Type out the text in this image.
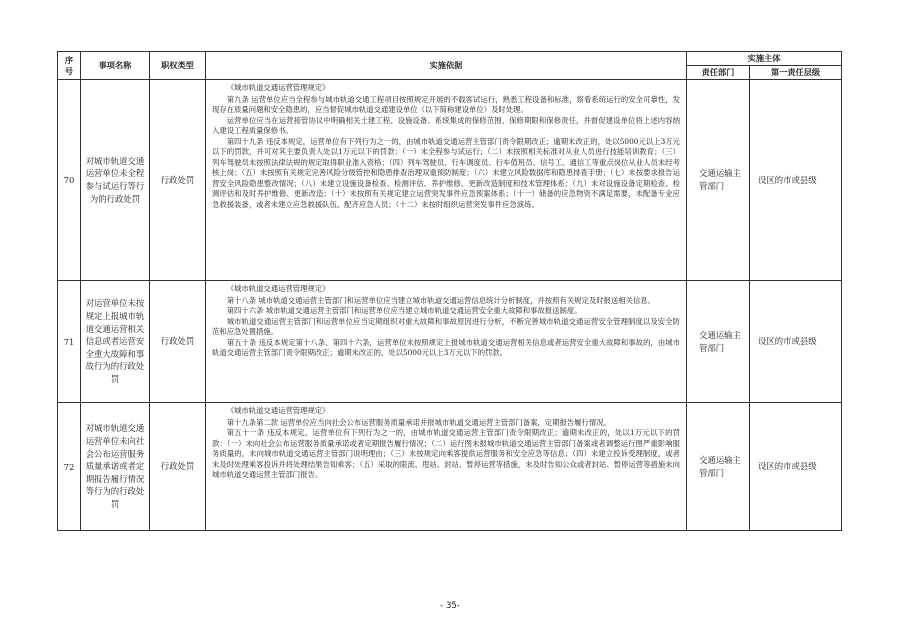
序号	事项名称	职权类型	实施依据	实施主体	
				责任部门	第一责任层级
70	对城市轨道交通运营单位未全程参与试运行等行为的行政处罚	行政处罚	《城市轨道交通运营管理规定》

第九条 运营单位应当全程参与城市轨道交通工程项目按照规定开展的不载客试运行，熟悉工程设备和标准，察看系统运行的安全可靠性，发现存在质量问题和安全隐患的，应当督促城市轨道交通建设单位（以下简称建设单位）及时处理。

运营单位应当在运营接管协议中明确相关土建工程、设施设备、系统集成的保修范围、保修期限和保修责任，并督促建设单位将上述内容纳入建设工程质量保修书。

第四十九条 违反本规定，运营单位有下列行为之一的，由城市轨道交通运营主管部门责令限期改正；逾期未改正的，处以5000元以上3万元以下的罚款，并可对其主要负责人处以1万元以下的罚款：（一）未全程参与试运行；（二）未按照相关标准对从业人员进行技能培训教育；（三）列车驾驶员未按照法律法规的规定取得职业准入资格；（四）列车驾驶员、行车调度员、行车值班员、信号工、通信工等重点岗位从业人员未经考核上岗；（五）未按照有关规定完善风险分级管控和隐患排查治理双重预防制度；（六）未建立风险数据库和隐患排查手册；（七）未按要求报告运营安全风险隐患整改情况；（八）未建立设施设备检查、检测评估、养护维修、更新改造制度和技术管理体系；（九）未对设施设备定期检查、检测评估和及时养护维修、更新改造；（十）未按照有关规定建立运营突发事件应急预案体系；（十一）储备的应急物资不满足需要，未配备专业应急救援装备，或者未建立应急救援队伍、配齐应急人员；（十二）未按时组织运营突发事件应急演练。	交通运输主管部门	设区的市或县级
71	对运营单位未按规定上报城市轨道交通运营相关信息或者运营安全重大故障和事故行为的行政处罚	行政处罚	《城市轨道交通运营管理规定》

第十八条 城市轨道交通运营主管部门和运营单位应当建立城市轨道交通运营信息统计分析制度，并按照有关规定及时报送相关信息。

第四十六条 城市轨道交通运营主管部门和运营单位应当建立城市轨道交通运营安全重大故障和事故报送制度。

城市轨道交通运营主管部门和运营单位应当定期组织对重大故障和事故原因进行分析，不断完善城市轨道交通运营安全管理制度以及安全防范和应急处置措施。

第五十条 违反本规定第十八条、第四十六条，运营单位未按照规定上报城市轨道交通运营相关信息或者运营安全重大故障和事故的，由城市轨道交通运营主管部门责令限期改正；逾期未改正的，处以5000元以上3万元以下的罚款。	交通运输主管部门	设区的市或县级
72	对城市轨道交通运营单位未向社会公布运营服务质量承诺或者定期报告履行情况等行为的行政处罚	行政处罚	《城市轨道交通运营管理规定》

第十九条第二款 运营单位应当向社会公布运营服务质量承诺并报城市轨道交通运营主管部门备案，定期报告履行情况。

第五十一条 违反本规定，运营单位有下列行为之一的，由城市轨道交通运营主管部门责令限期改正；逾期未改正的，处以1万元以下的罚款：（一）未向社会公布运营服务质量承诺或者定期报告履行情况；（二）运行图未报城市轨道交通运营主管部门备案或者调整运行图严重影响服务质量的，未向城市轨道交通运营主管部门说明理由；（三）未按规定向乘客提供运营服务和安全应急等信息；（四）未建立投诉受理制度，或者未及时处理乘客投诉并将处理结果告知乘客；（五）采取的限流、甩站、封站、暂停运营等措施，未及时告知公众或者封站、暂停运营等措施未向城市轨道交通运营主管部门报告。	交通运输主管部门	设区的市或县级
- 35-
